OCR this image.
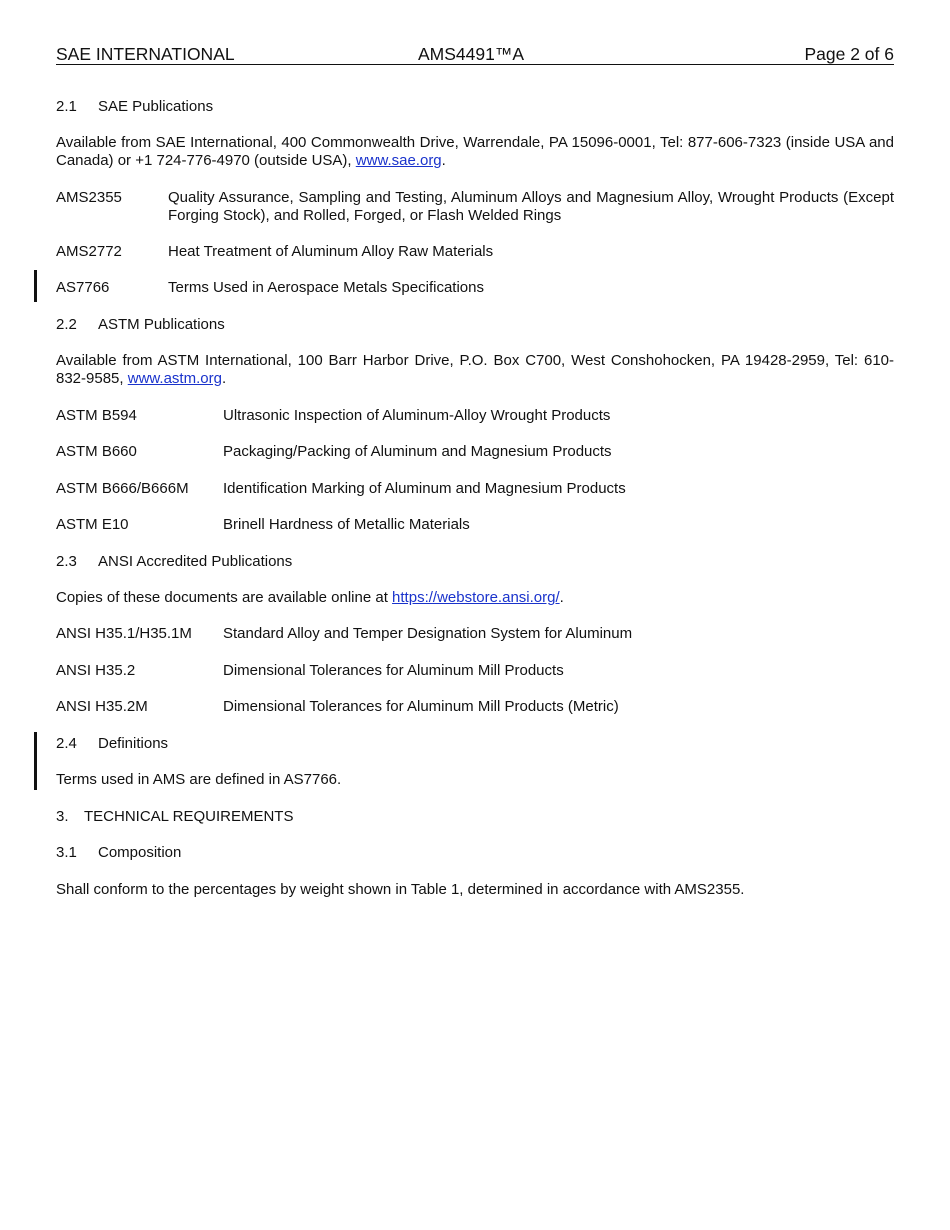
SAE INTERNATIONAL	AMS4491™A	Page 2 of 6
2.1 SAE Publications
Available from SAE International, 400 Commonwealth Drive, Warrendale, PA 15096-0001, Tel: 877-606-7323 (inside USA and Canada) or +1 724-776-4970 (outside USA), www.sae.org.
AMS2355	Quality Assurance, Sampling and Testing, Aluminum Alloys and Magnesium Alloy, Wrought Products (Except Forging Stock), and Rolled, Forged, or Flash Welded Rings
AMS2772	Heat Treatment of Aluminum Alloy Raw Materials
AS7766	Terms Used in Aerospace Metals Specifications
2.2 ASTM Publications
Available from ASTM International, 100 Barr Harbor Drive, P.O. Box C700, West Conshohocken, PA 19428-2959, Tel: 610-832-9585, www.astm.org.
ASTM B594	Ultrasonic Inspection of Aluminum-Alloy Wrought Products
ASTM B660	Packaging/Packing of Aluminum and Magnesium Products
ASTM B666/B666M Identification Marking of Aluminum and Magnesium Products
ASTM E10	Brinell Hardness of Metallic Materials
2.3 ANSI Accredited Publications
Copies of these documents are available online at https://webstore.ansi.org/.
ANSI H35.1/H35.1M Standard Alloy and Temper Designation System for Aluminum
ANSI H35.2	Dimensional Tolerances for Aluminum Mill Products
ANSI H35.2M	Dimensional Tolerances for Aluminum Mill Products (Metric)
2.4 Definitions
Terms used in AMS are defined in AS7766.
3. TECHNICAL REQUIREMENTS
3.1 Composition
Shall conform to the percentages by weight shown in Table 1, determined in accordance with AMS2355.
